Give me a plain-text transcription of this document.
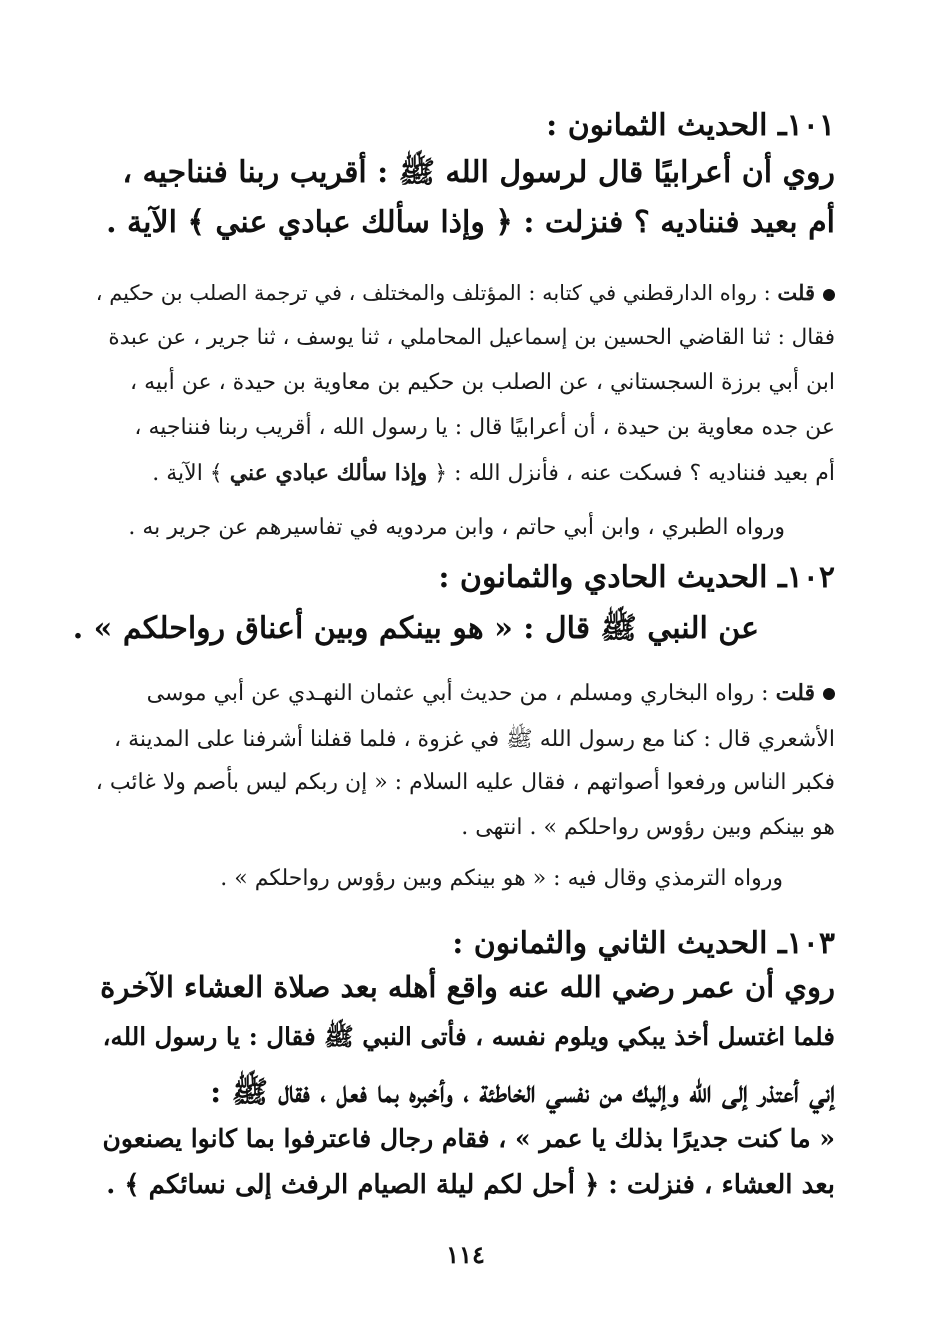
١٠١ـ الحديث الثمانون :
روي أن أعرابيًا قال لرسول الله ﷺ : أقريب ربنا فنناجيه ،
أم بعيد فنناديه ؟ فنزلت : ﴿ وإذا سألك عبادي عني ﴾ الآية .
قلت : رواه الدارقطني في كتابه : المؤتلف والمختلف ، في ترجمة الصلب بن حكيم ،
فقال : ثنا القاضي الحسين بن إسماعيل المحاملي ، ثنا يوسف ، ثنا جرير ، عن عبدة
ابن أبي برزة السجستاني ، عن الصلب بن حكيم بن معاوية بن حيدة ، عن أبيه ،
عن جده معاوية بن حيدة ، أن أعرابيًا قال : يا رسول الله ، أقريب ربنا فنناجيه ،
أم بعيد فنناديه ؟ فسكت عنه ، فأنزل الله : ﴿ وإذا سألك عبادي عني ﴾ الآية .
ورواه الطبري ، وابن أبي حاتم ، وابن مردويه في تفاسيرهم عن جرير به .
١٠٢ـ الحديث الحادي والثمانون :
عن النبي ﷺ قال : « هو بينكم وبين أعناق رواحلكم » .
قلت : رواه البخاري ومسلم ، من حديث أبي عثمان النهـدي عن أبي موسى
الأشعري قال : كنا مع رسول الله ﷺ في غزوة ، فلما قفلنا أشرفنا على المدينة ،
فكبر الناس ورفعوا أصواتهم ، فقال عليه السلام : « إن ربكم ليس بأصم ولا غائب ،
هو بينكم وبين رؤوس رواحلكم » . انتهى .
ورواه الترمذي وقال فيه : « هو بينكم وبين رؤوس رواحلكم » .
١٠٣ـ الحديث الثاني والثمانون :
روي أن عمر رضي الله عنه واقع أهله بعد صلاة العشاء الآخرة
فلما اغتسل أخذ يبكي ويلوم نفسه ، فأتى النبي ﷺ فقال : يا رسول الله،
إني أعتذر إلى الله وإليك من نفسي الخاطئة ، وأخبره بما فعل ، فقال ﷺ :
« ما كنت جديرًا بذلك يا عمر » ، فقام رجال فاعترفوا بما كانوا يصنعون
بعد العشاء ، فنزلت : ﴿ أحل لكم ليلة الصيام الرفث إلى نسائكم ﴾ .
١١٤
